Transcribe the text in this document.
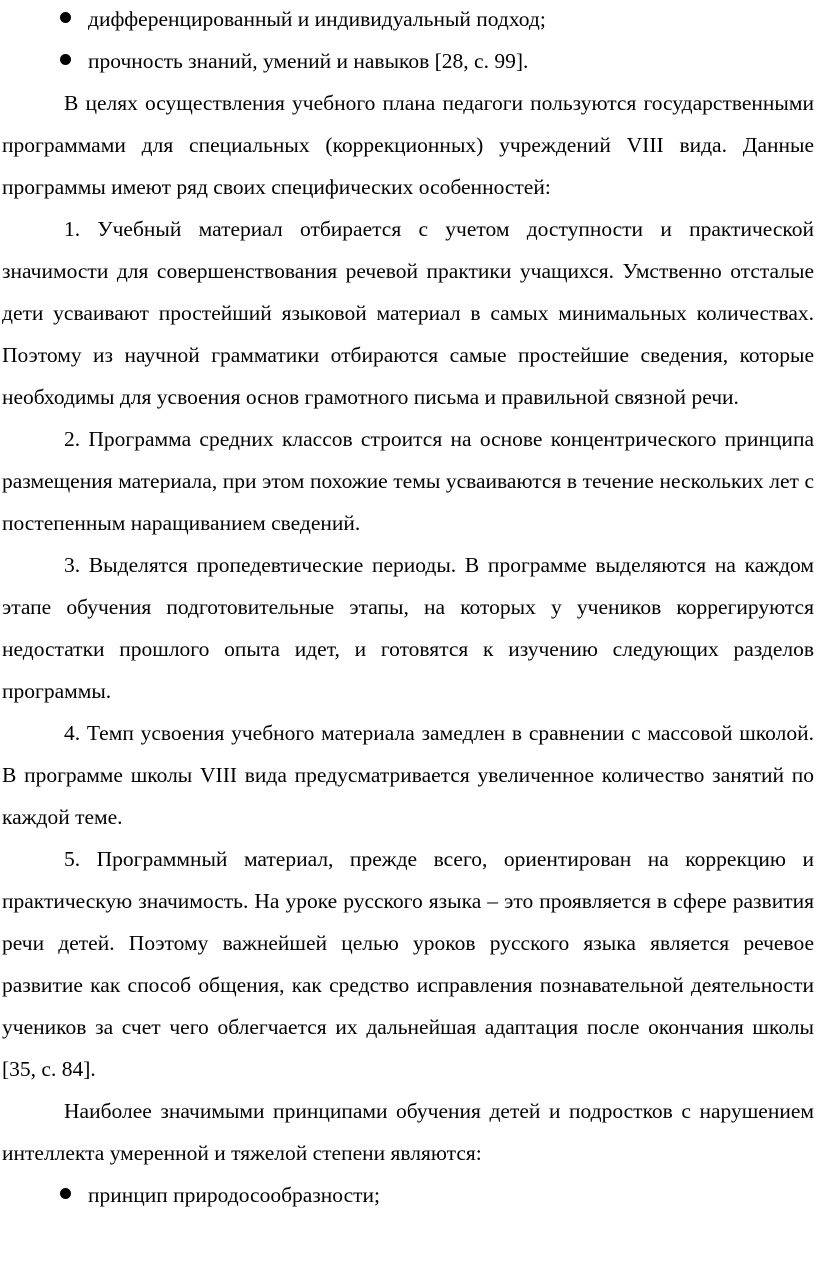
дифференцированный и индивидуальный подход;
прочность знаний, умений и навыков [28, с. 99].

В целях осуществления учебного плана педагоги пользуются государственными программами для специальных (коррекционных) учреждений VIII вида. Данные программы имеют ряд своих специфических особенностей:

1. Учебный материал отбирается с учетом доступности и практической значимости для совершенствования речевой практики учащихся. Умственно отсталые дети усваивают простейший языковой материал в самых минимальных количествах. Поэтому из научной грамматики отбираются самые простейшие сведения, которые необходимы для усвоения основ грамотного письма и правильной связной речи.

2. Программа средних классов строится на основе концентрического принципа размещения материала, при этом похожие темы усваиваются в течение нескольких лет с постепенным наращиванием сведений.

3. Выделятся пропедевтические периоды. В программе выделяются на каждом этапе обучения подготовительные этапы, на которых у учеников коррегируются недостатки прошлого опыта идет, и готовятся к изучению следующих разделов программы.

4. Темп усвоения учебного материала замедлен в сравнении с массовой школой. В программе школы VIII вида предусматривается увеличенное количество занятий по каждой теме.

5. Программный материал, прежде всего, ориентирован на коррекцию и практическую значимость. На уроке русского языка – это проявляется в сфере развития речи детей. Поэтому важнейшей целью уроков русского языка является речевое развитие как способ общения, как средство исправления познавательной деятельности учеников за счет чего облегчается их дальнейшая адаптация после окончания школы [35, с. 84].

Наиболее значимыми принципами обучения детей и подростков с нарушением интеллекта умеренной и тяжелой степени являются:

принцип природосообразности;
